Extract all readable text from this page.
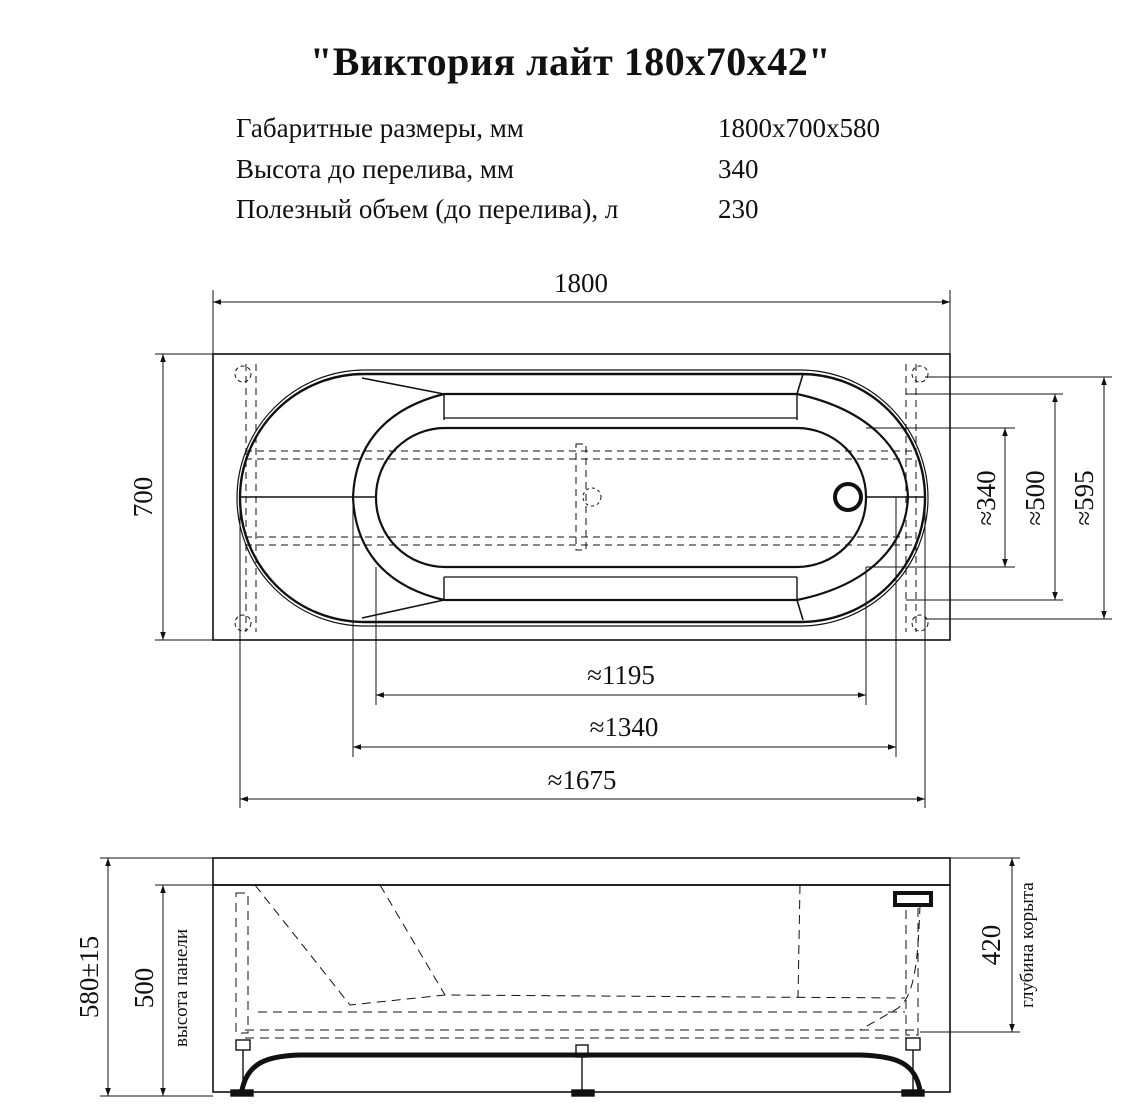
"Виктория лайт 180х70х42"
Габаритные размеры, мм	1800х700х580
Высота до перелива, мм	340
Полезный объем (до перелива), л	230
1800
700
≈1195
≈1340
≈1675
≈340 ≈500 ≈595
580±15 500 высота панели	420 глубина корыта
